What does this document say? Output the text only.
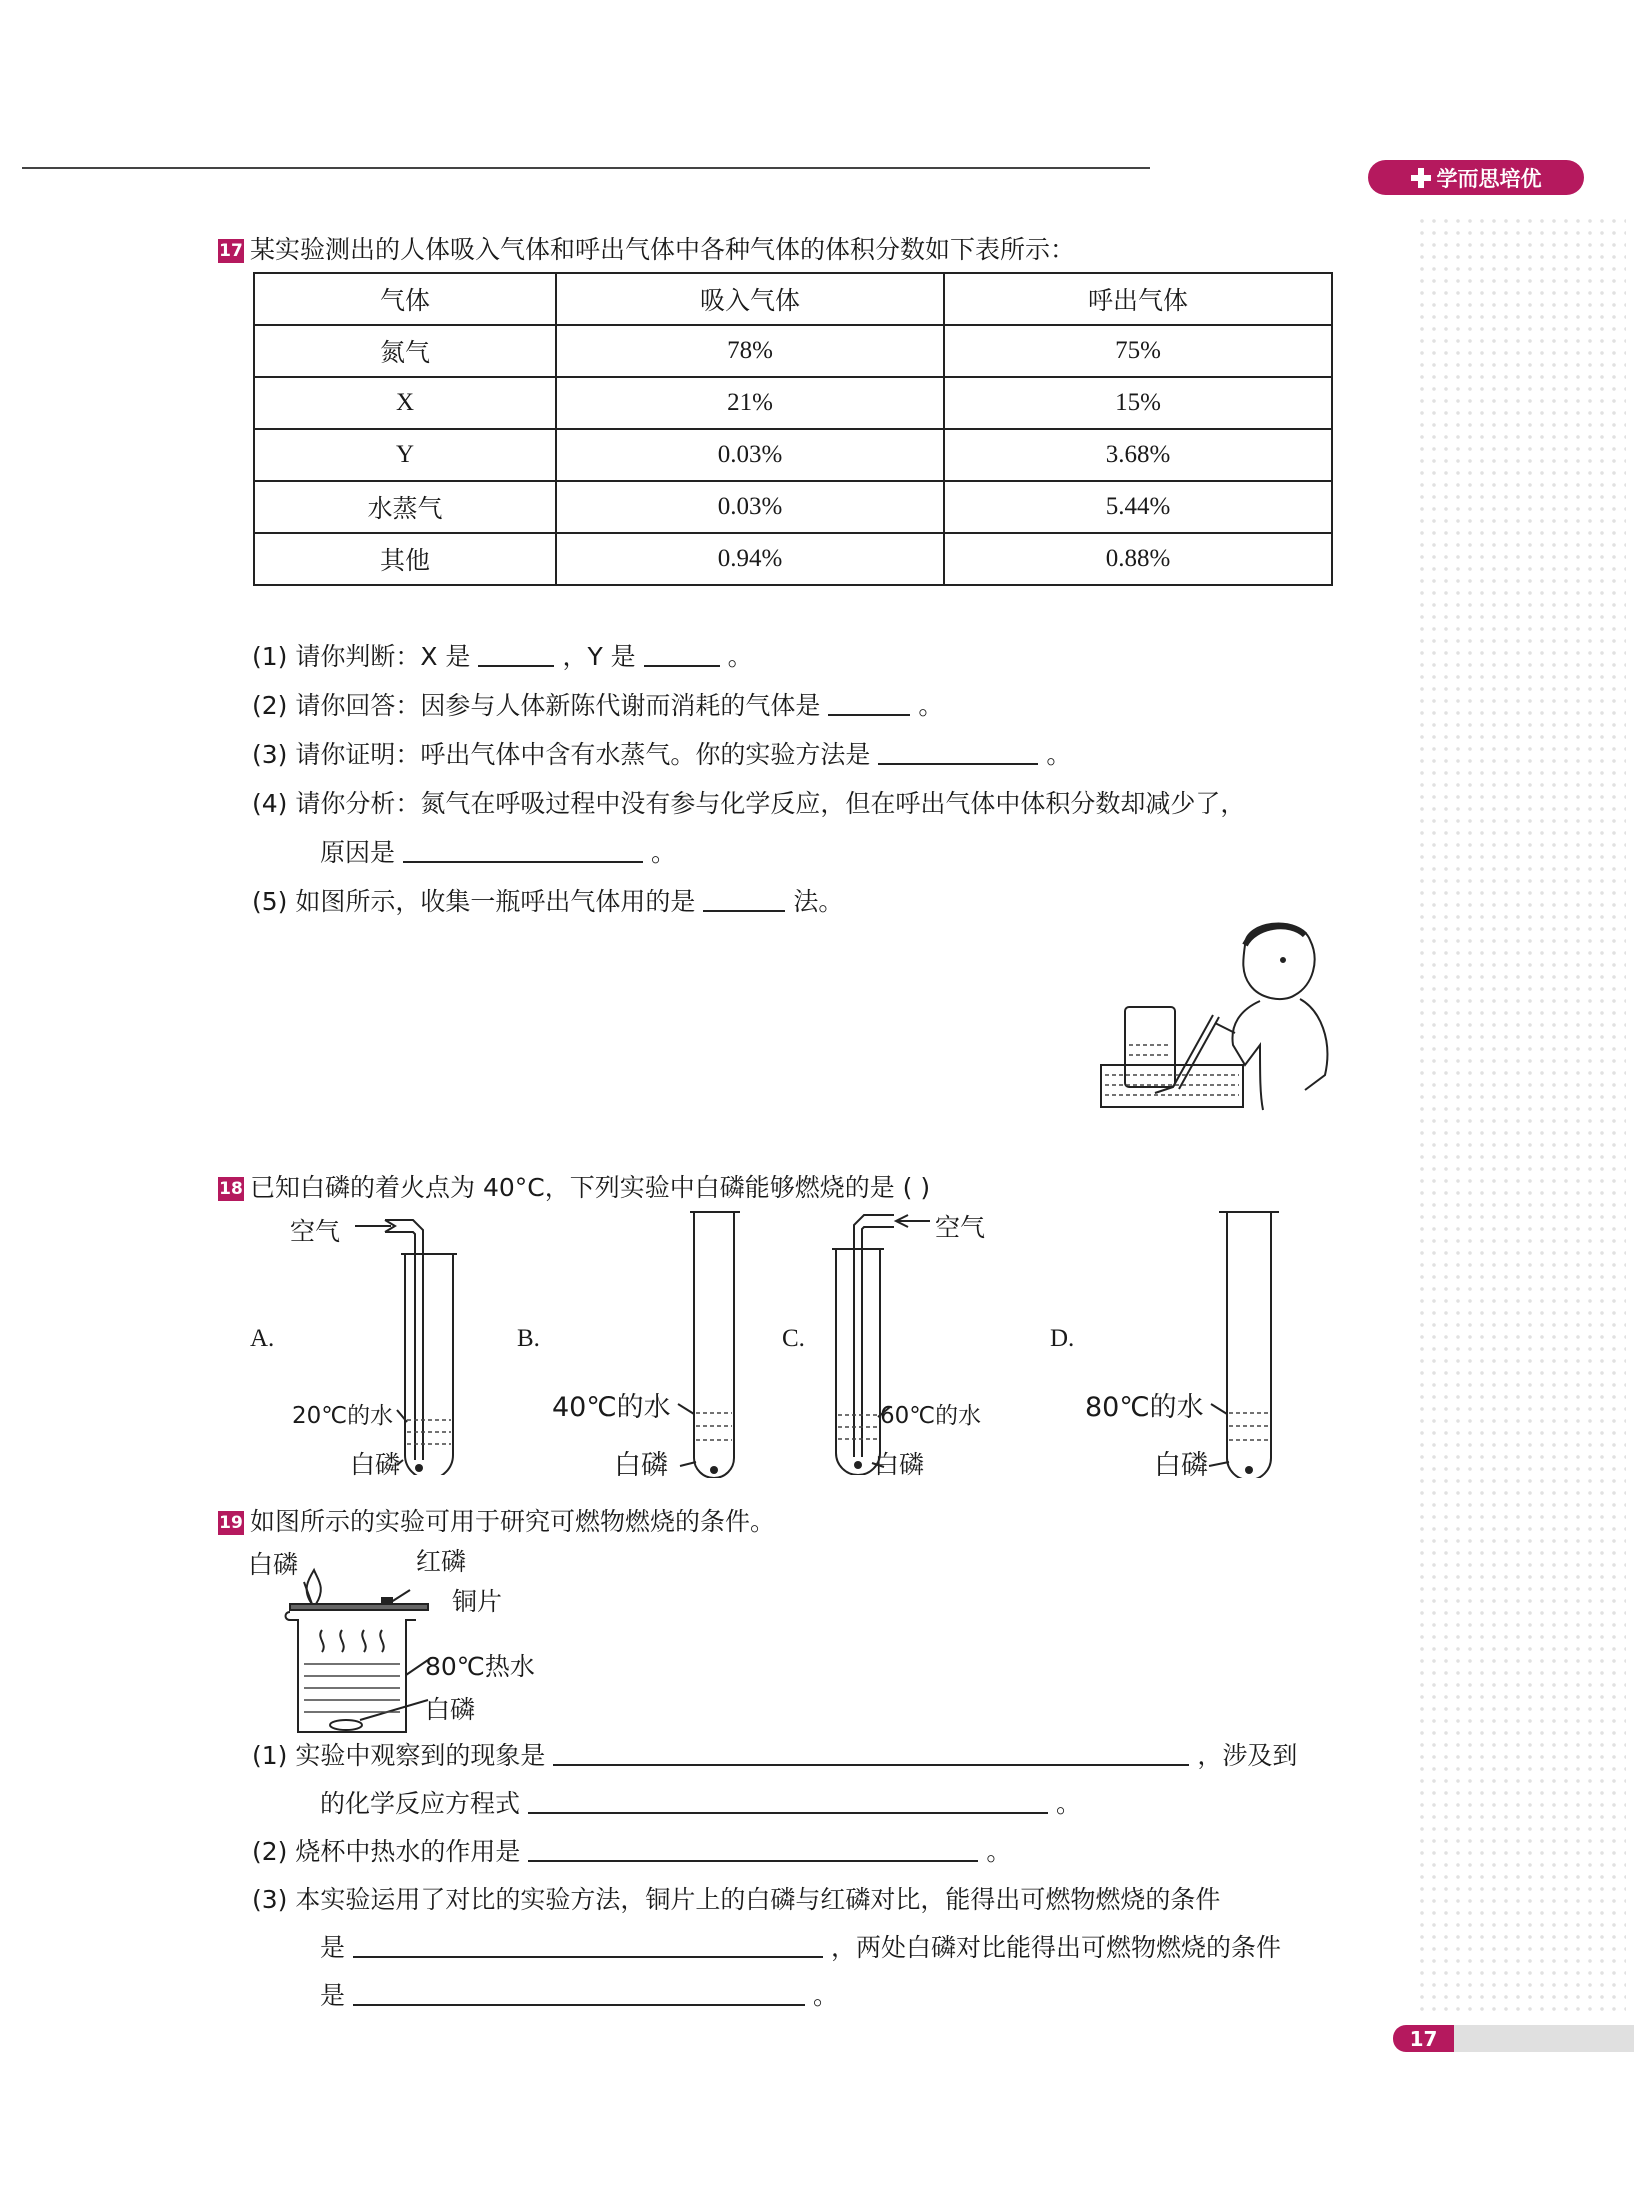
学而思培优
17 某实验测出的人体吸入气体和呼出气体中各种气体的体积分数如下表所示：
气体	吸入气体	呼出气体
氮气	78%	75%
X	21%	15%
Y	0.03%	3.68%
水蒸气	0.03%	5.44%
其他	0.94%	0.88%
(1) 请你判断：X 是	，Y 是	。
(2) 请你回答：因参与人体新陈代谢而消耗的气体是	。
(3) 请你证明：呼出气体中含有水蒸气。你的实验方法是	。
(4) 请你分析：氮气在呼吸过程中没有参与化学反应，但在呼出气体中体积分数却减少了，
原因是	。
(5) 如图所示，收集一瓶呼出气体用的是	法。
18 已知白磷的着火点为 40°C，下列实验中白磷能够燃烧的是 ( )
A.
空气
20℃的水
白磷
B.
40℃的水
白磷
C.
空气
60℃的水
白磷
D.
80℃的水
白磷
19 如图所示的实验可用于研究可燃物燃烧的条件。
白磷	红磷
铜片
80℃热水
白磷
(1) 实验中观察到的现象是	，涉及到
的化学反应方程式	。
(2) 烧杯中热水的作用是	。
(3) 本实验运用了对比的实验方法，铜片上的白磷与红磷对比，能得出可燃物燃烧的条件
是	，两处白磷对比能得出可燃物燃烧的条件
是	。
17
